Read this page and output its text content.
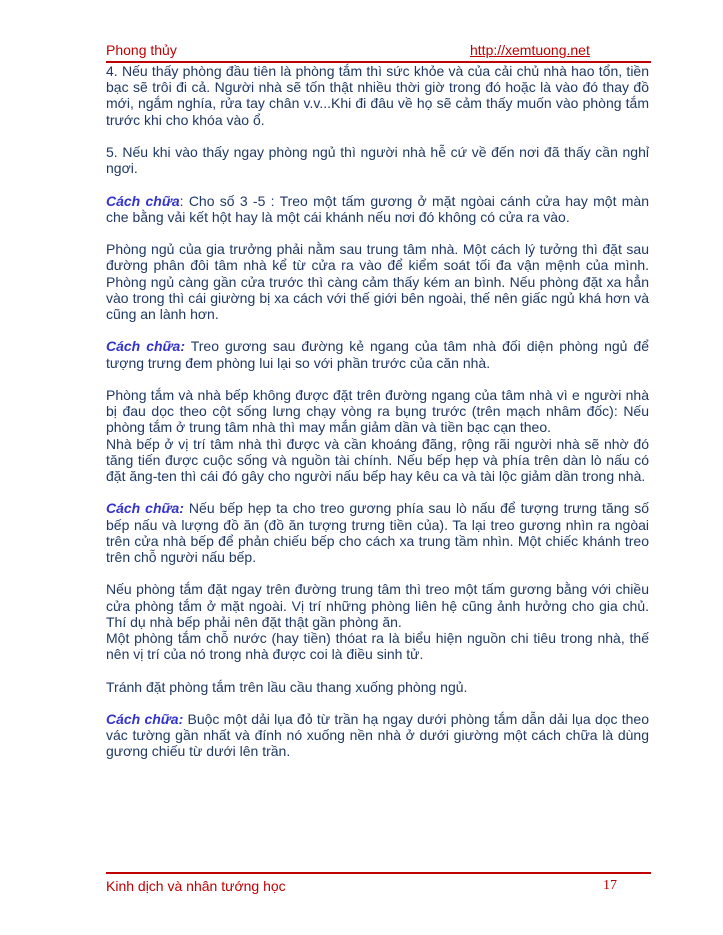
Phong thủy	http://xemtuong.net

4. Nếu thấy phòng đầu tiên là phòng tắm thì sức khỏe và của cải chủ nhà hao tổn, tiền bạc sẽ trôi đi cả. Người nhà sẽ tốn thật nhiều thời giờ trong đó hoặc là vào đó thay đồ mới, ngắm nghía, rửa tay chân v.v...Khi đi đâu về họ sẽ cảm thấy muốn vào phòng tắm trước khi cho khóa vào ổ.

5. Nếu khi vào thấy ngay phòng ngủ thì người nhà hễ cứ về đến nơi đã thấy cần nghỉ ngơi.

Cách chữa: Cho số 3 -5 : Treo một tấm gương ở mặt ngòai cánh cửa hay một màn che bằng vải kết hột hay là một cái khánh nếu nơi đó không có cửa ra vào.

Phòng ngủ của gia trưởng phải nằm sau trung tâm nhà. Một cách lý tưởng thì đặt sau đường phân đôi tâm nhà kể từ cửa ra vào để kiểm soát tối đa vận mệnh của mình. Phòng ngủ càng gần cửa trước thì càng cảm thấy kém an bình. Nếu phòng đặt xa hẳn vào trong thì cái giường bị xa cách với thế giới bên ngoài, thế nên giấc ngủ khá hơn và cũng an lành hơn.

Cách chữa: Treo gương sau đường kẻ ngang của tâm nhà đối diện phòng ngủ để tượng trưng đem phòng lui lại so với phần trước của căn nhà.

Phòng tắm và nhà bếp không được đặt trên đường ngang của tâm nhà vì e người nhà bị đau dọc theo cột sống lưng chạy vòng ra bụng trước (trên mạch nhâm đốc): Nếu phòng tắm ở trung tâm nhà thì may mắn giảm dần và tiền bạc cạn theo.

Nhà bếp ở vị trí tâm nhà thì được và cần khoáng đãng, rộng rãi người nhà sẽ nhờ đó tăng tiến được cuộc sống và nguồn tài chính. Nếu bếp hẹp và phía trên dàn lò nấu có đặt ăng-ten thì cái đó gây cho người nấu bếp hay kêu ca và tài lộc giảm dần trong nhà.

Cách chữa: Nếu bếp hẹp ta cho treo gương phía sau lò nấu để tượng trưng tăng số bếp nấu và lượng đồ ăn (đồ ăn tượng trưng tiền của). Ta lại treo gương nhìn ra ngòai trên cửa nhà bếp để phản chiếu bếp cho cách xa trung tầm nhìn. Một chiếc khánh treo trên chỗ người nấu bếp.

Nếu phòng tắm đặt ngay trên đường trung tâm thì treo một tấm gương bằng với chiều cửa phòng tắm ở mặt ngoài. Vị trí những phòng liên hệ cũng ảnh hưởng cho gia chủ. Thí dụ nhà bếp phải nên đặt thật gần phòng ăn.

Một phòng tắm chỗ nước (hay tiền) thóat ra là biểu hiện nguồn chi tiêu trong nhà, thế nên vị trí của nó trong nhà được coi là điều sinh tử.

Tránh đặt phòng tắm trên lầu cầu thang xuống phòng ngủ.

Cách chữa: Buộc một dải lụa đỏ từ trần hạ ngay dưới phòng tắm dẫn dải lụa dọc theo vác tường gần nhất và đính nó xuống nền nhà ở dưới giường một cách chữa là dùng gương chiếu từ dưới lên trần.

Kinh dịch và nhân tướng học	17
